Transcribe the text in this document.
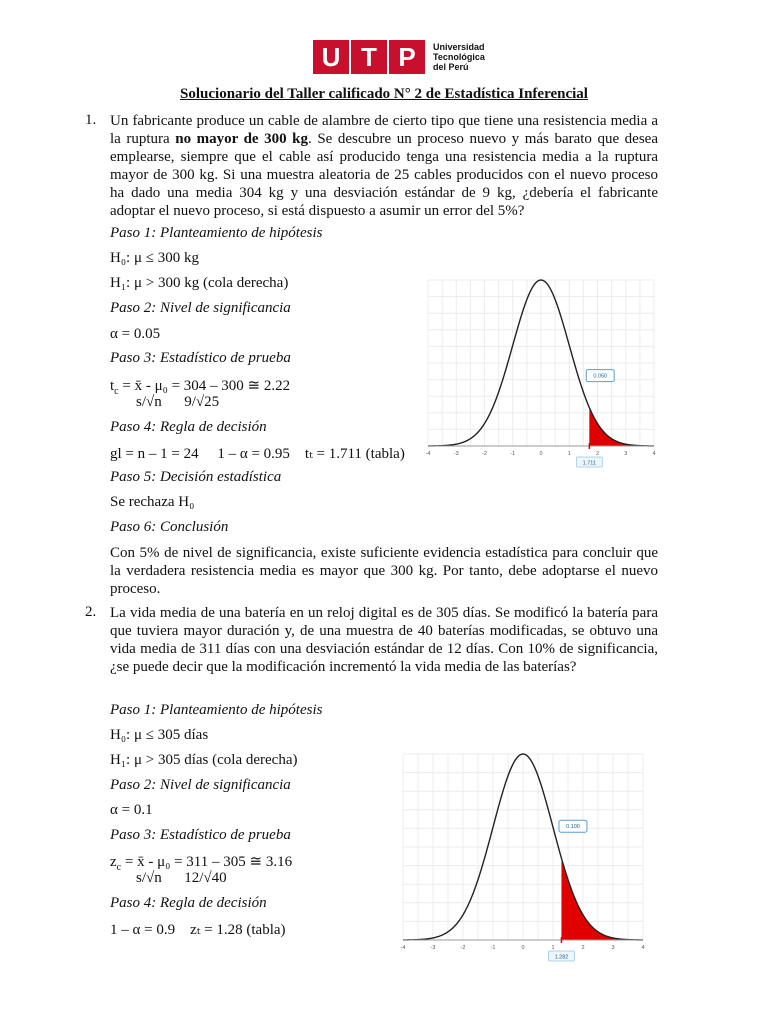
U T P	Universidad
Tecnológica
del Perú
Solucionario del Taller calificado N° 2 de Estadística Inferencial
1. Un fabricante produce un cable de alambre de cierto tipo que tiene una resistencia media a la ruptura no mayor de 300 kg. Se descubre un proceso nuevo y más barato que desea emplearse, siempre que el cable así producido tenga una resistencia media a la ruptura mayor de 300 kg. Si una muestra aleatoria de 25 cables producidos con el nuevo proceso ha dado una media 304 kg y una desviación estándar de 9 kg, ¿debería el fabricante adoptar el nuevo proceso, si está dispuesto a asumir un error del 5%?
Paso 1: Planteamiento de hipótesis
H₀: μ ≤ 300 kg
H₁: μ > 300 kg (cola derecha)
Paso 2: Nivel de significancia
α = 0.05
Paso 3: Estadístico de prueba
$t_c$ = x̄ - μ₀ = 304 – 300 ≅ 2.22
s/√n      9/√25
Paso 4: Regla de decisión
gl = n – 1 = 24     1 – α = 0.95    tₜ = 1.711 (tabla)
Paso 5: Decisión estadística
Se rechaza H₀
Paso 6: Conclusión
Con 5% de nivel de significancia, existe suficiente evidencia estadística para concluir que la verdadera resistencia media es mayor que 300 kg. Por tanto, debe adoptarse el nuevo proceso.
-4	-3	-2	-1	0	1	2	3	4
1.711
0.050
2. La vida media de una batería en un reloj digital es de 305 días. Se modificó la batería para que tuviera mayor duración y, de una muestra de 40 baterías modificadas, se obtuvo una vida media de 311 días con una desviación estándar de 12 días. Con 10% de significancia, ¿se puede decir que la modificación incrementó la vida media de las baterías?
Paso 1: Planteamiento de hipótesis
H₀: μ ≤ 305 días
H₁: μ > 305 días (cola derecha)
Paso 2: Nivel de significancia
α = 0.1
Paso 3: Estadístico de prueba
$z_c$ = x̄ - μ₀ = 311 – 305 ≅ 3.16
s/√n      12/√40
Paso 4: Regla de decisión
1 – α = 0.9    zₜ = 1.28 (tabla)
-4	-3	-2	-1	0	1	2	3	4
1.282
0.100
